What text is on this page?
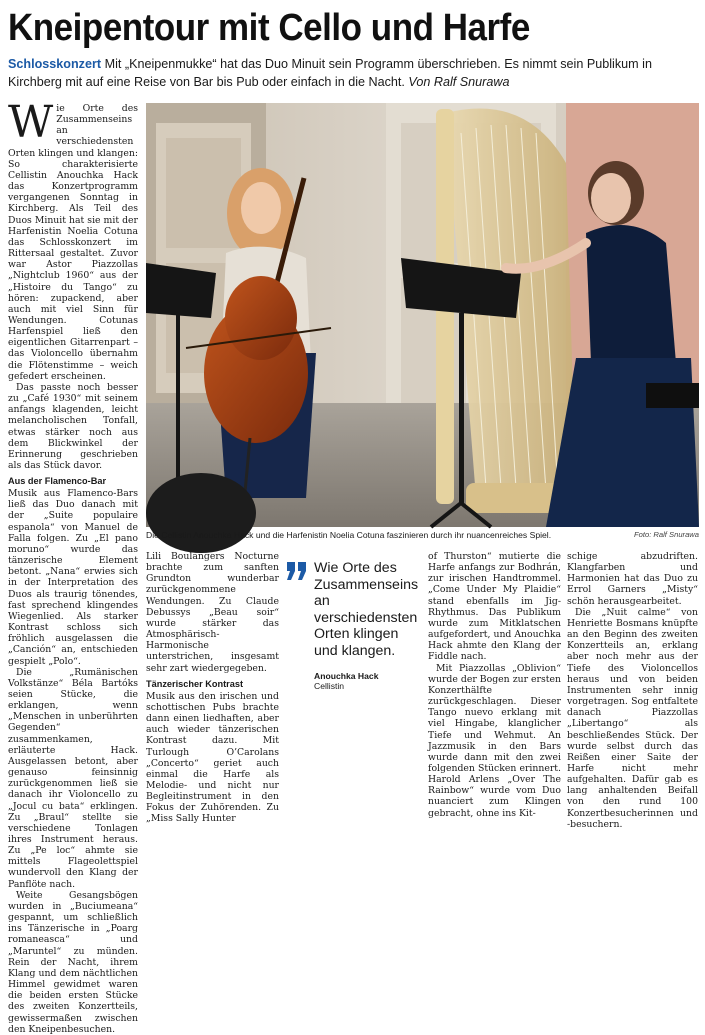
Kneipentour mit Cello und Harfe

Schlosskonzert Mit „Kneipenmukke“ hat das Duo Minuit sein Programm überschrieben. Es nimmt sein Publikum in Kirchberg mit auf eine Reise von Bar bis Pub oder einfach in die Nacht. Von Ralf Snurawa

Wie Orte des Zusammenseins an verschiedensten Orten klingen und klangen: So charakterisierte Cellistin Anouchka Hack das Konzertprogramm vergangenen Sonntag in Kirchberg. Als Teil des Duos Minuit hat sie mit der Harfenistin Noelia Cotuna das Schlosskonzert im Rittersaal gestaltet. Zuvor war Astor Piazzollas „Nightclub 1960“ aus der „Histoire du Tango“ zu hören: zupackend, aber auch mit viel Sinn für Wendungen. Cotunas Harfenspiel ließ den eigentlichen Gitarrenpart – das Violoncello übernahm die Flötenstimme – weich gefedert erscheinen.

Das passte noch besser zu „Café 1930“ mit seinem anfangs klagenden, leicht melancholischen Tonfall, etwas stärker noch aus dem Blickwinkel der Erinnerung geschrieben als das Stück davor.

Aus der Flamenco-Bar

Musik aus Flamenco-Bars ließ das Duo danach mit der „Suite populaire espanola“ von Manuel de Falla folgen. Zu „El pano moruno“ wurde das tänzerische Element betont. „Nana“ erwies sich in der Interpretation des Duos als traurig tönendes, fast sprechend klingendes Wiegenlied. Als starker Kontrast schloss sich fröhlich ausgelassen die „Canción“ an, entschieden gespielt „Polo“.

Die „Rumänischen Volkstänze“ Béla Bartóks seien Stücke, die erklangen, wenn „Menschen in unberührten Gegenden“ zusammenkamen, erläuterte Hack. Ausgelassen betont, aber genauso feinsinnig zurückgenommen ließ sie danach ihr Violoncello zu „Jocul cu bata“ erklingen. Zu „Braul“ stellte sie verschiedene Tonlagen ihres Instrument heraus. Zu „Pe loc“ ahmte sie mittels Flageolettspiel wundervoll den Klang der Panflöte nach.

Weite Gesangsbögen wurden in „Buciumeana“ gespannt, um schließlich ins Tänzerische in „Poarg romaneasca“ und „Maruntel“ zu münden. Rein der Nacht, ihrem Klang und dem nächtlichen Himmel gewidmet waren die beiden ersten Stücke des zweiten Konzertteils, gewissermaßen zwischen den Kneipenbesuchen.

Die Cellistin Anouchka Hack und die Harfenistin Noelia Cotuna faszinieren durch ihr nuancenreiches Spiel.	Foto: Ralf Snurawa

Lili Boulangers Nocturne brachte zum sanften Grundton wunderbar zurückgenommene Wendungen. Zu Claude Debussys „Beau soir“ wurde stärker das Atmosphärisch-Harmonische unterstrichen, insgesamt sehr zart wiedergegeben.

Tänzerischer Kontrast

Musik aus den irischen und schottischen Pubs brachte dann einen liedhaften, aber auch wieder tänzerischen Kontrast dazu. Mit Turlough O’Carolans „Concerto“ geriet auch einmal die Harfe als Melodie- und nicht nur Begleitinstrument in den Fokus der Zuhörenden. Zu „Miss Sally Hunter

Wie Orte des Zusammenseins an verschiedensten Orten klingen und klangen.
Anouchka Hack
Cellistin

of Thurston“ mutierte die Harfe anfangs zur Bodhrán, zur irischen Handtrommel. „Come Under My Plaidie“ stand ebenfalls im Jig-Rhythmus. Das Publikum wurde zum Mitklatschen aufgefordert, und Anouchka Hack ahmte den Klang der Fiddle nach.

Mit Piazzollas „Oblivion“ wurde der Bogen zur ersten Konzerthälfte zurückgeschlagen. Dieser Tango nuevo erklang mit viel Hingabe, klanglicher Tiefe und Wehmut. An Jazzmusik in den Bars wurde dann mit den zwei folgenden Stücken erinnert. Harold Arlens „Over The Rainbow“ wurde vom Duo nuanciert zum Klingen gebracht, ohne ins Kit-

schige abzudriften. Klangfarben und Harmonien hat das Duo zu Errol Garners „Misty“ schön herausgearbeitet.

Die „Nuit calme“ von Henriette Bosmans knüpfte an den Beginn des zweiten Konzertteils an, erklang aber noch mehr aus der Tiefe des Violoncellos heraus und von beiden Instrumenten sehr innig vorgetragen. Sog entfaltete danach Piazzollas „Libertango“ als beschließendes Stück. Der wurde selbst durch das Reißen einer Saite der Harfe nicht mehr aufgehalten. Dafür gab es lang anhaltenden Beifall von den rund 100 Konzertbesucherinnen und -besuchern.
